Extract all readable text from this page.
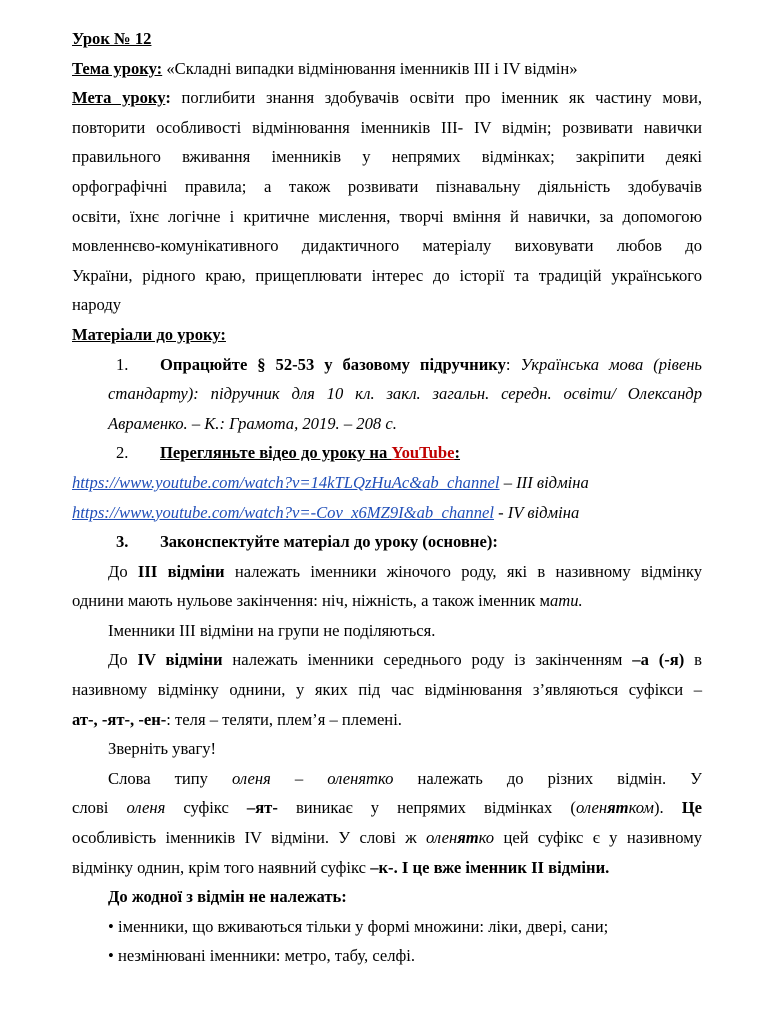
Урок № 12

Тема уроку: «Складні випадки відмінювання іменників ІІІ і ІV відмін»

Мета уроку: поглибити знання здобувачів освіти про іменник як частину мови,

повторити особливості відмінювання іменників ІІІ- ІV відмін; розвивати навички

правильного вживання іменників у непрямих відмінках; закріпити деякі

орфографічні правила; а також розвивати пізнавальну діяльність здобувачів

освіти, їхнє логічне і критичне мислення, творчі вміння й навички, за допомогою

мовленнєво-комунікативного дидактичного матеріалу виховувати любов до

України, рідного краю, прищеплювати інтерес до історії та традицій українського

народу

Матеріали до уроку:

1. Опрацюйте § 52-53 у базовому підручнику: Українська мова (рівень

стандарту): підручник для 10 кл. закл. загальн. середн. освіти/ Олександр

Авраменко. – К.: Грамота, 2019. – 208 с.

2. Перегляньте відео до уроку на YouTube:

https://www.youtube.com/watch?v=14kTLQzHuAc&ab_channel – ІІІ відміна

https://www.youtube.com/watch?v=-Cov_x6MZ9I&ab_channel - ІV відміна

3. Законспектуйте матеріал до уроку (основне):

До ІІІ відміни належать іменники жіночого роду, які в називному відмінку

однини мають нульове закінчення: ніч, ніжність, а також іменник мати.

Іменники ІІІ відміни на групи не поділяються.

До ІV відміни належать іменники середнього роду із закінченням –а (-я) в

називному відмінку однини, у яких під час відмінювання з’являються суфікси –

ат-, -ят-, -ен-: теля – теляти, плем’я – племені.

Зверніть увагу!

Слова типу оленя – оленятко належать до різних відмін. У

слові оленя суфікс –ят- виникає у непрямих відмінках (оленятком). Це

особливість іменників ІV відміни. У слові ж оленятко цей суфікс є у називному

відмінку однин, крім того наявний суфікс –к-. І це вже іменник ІІ відміни.

До жодної з відмін не належать:

• іменники, що вживаються тільки у формі множини: ліки, двері, сани;

• незмінювані іменники: метро, табу, селфі.
